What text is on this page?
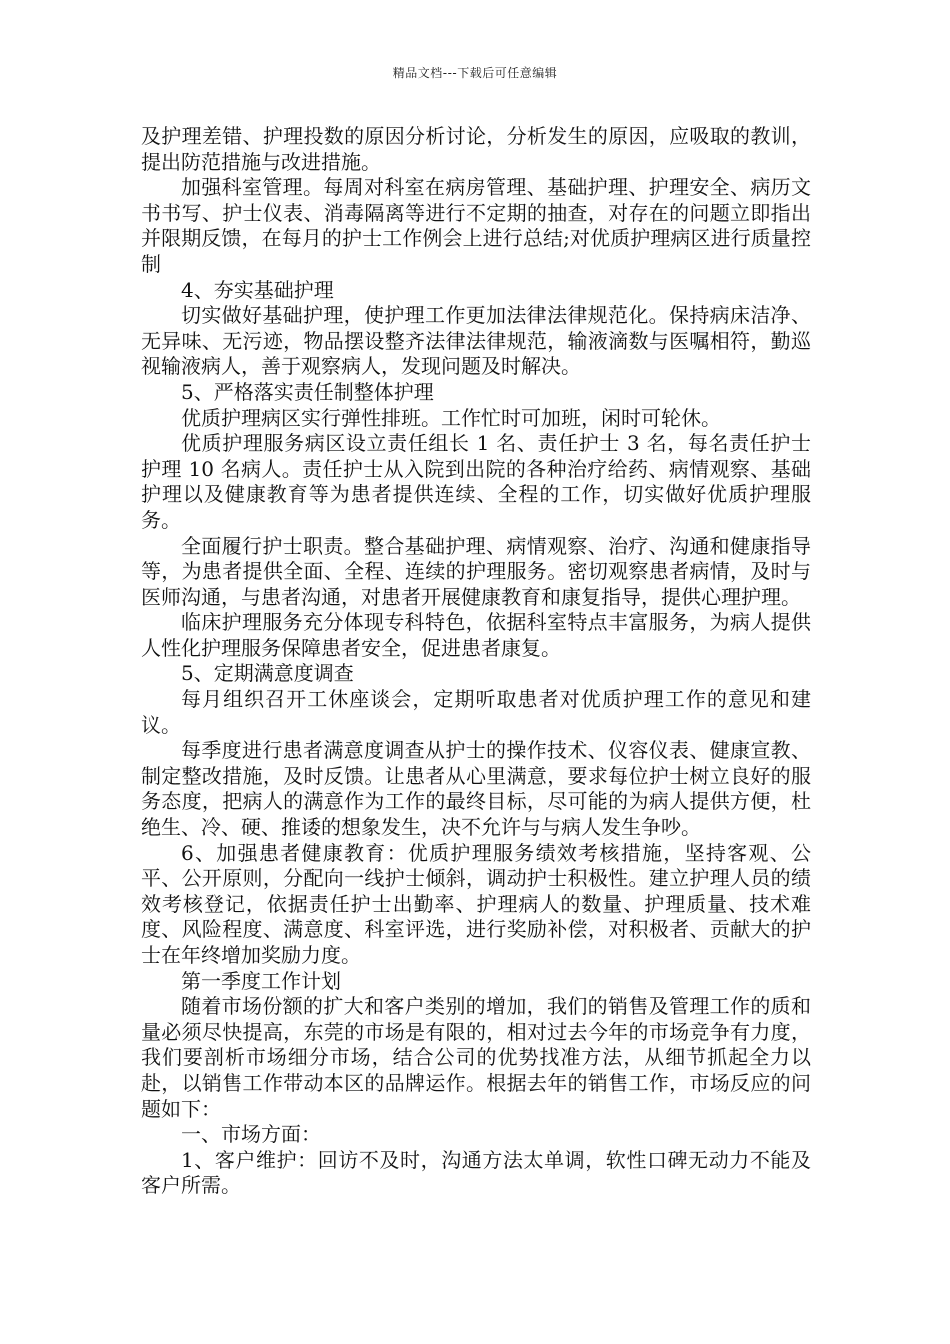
精品文档---下载后可任意编辑

及护理差错、护理投数的原因分析讨论，分析发生的原因，应吸取的教训，提出防范措施与改进措施。

加强科室管理。每周对科室在病房管理、基础护理、护理安全、病历文书书写、护士仪表、消毒隔离等进行不定期的抽查，对存在的问题立即指出并限期反馈，在每月的护士工作例会上进行总结;对优质护理病区进行质量控制

4、夯实基础护理

切实做好基础护理，使护理工作更加法律法律规范化。保持病床洁净、无异味、无污迹，物品摆设整齐法律法律规范，输液滴数与医嘱相符，勤巡视输液病人，善于观察病人，发现问题及时解决。

5、严格落实责任制整体护理

优质护理病区实行弹性排班。工作忙时可加班，闲时可轮休。

优质护理服务病区设立责任组长 1 名、责任护士 3 名，每名责任护士护理 10 名病人。责任护士从入院到出院的各种治疗给药、病情观察、基础护理以及健康教育等为患者提供连续、全程的工作，切实做好优质护理服务。

全面履行护士职责。整合基础护理、病情观察、治疗、沟通和健康指导等，为患者提供全面、全程、连续的护理服务。密切观察患者病情，及时与医师沟通，与患者沟通，对患者开展健康教育和康复指导，提供心理护理。

临床护理服务充分体现专科特色，依据科室特点丰富服务，为病人提供人性化护理服务保障患者安全，促进患者康复。

5、定期满意度调查

每月组织召开工休座谈会，定期听取患者对优质护理工作的意见和建议。

每季度进行患者满意度调查从护士的操作技术、仪容仪表、健康宣教、制定整改措施，及时反馈。让患者从心里满意，要求每位护士树立良好的服务态度，把病人的满意作为工作的最终目标，尽可能的为病人提供方便，杜绝生、冷、硬、推诿的想象发生，决不允许与与病人发生争吵。

6、加强患者健康教育：优质护理服务绩效考核措施，坚持客观、公平、公开原则，分配向一线护士倾斜，调动护士积极性。建立护理人员的绩效考核登记，依据责任护士出勤率、护理病人的数量、护理质量、技术难度、风险程度、满意度、科室评选，进行奖励补偿，对积极者、贡献大的护士在年终增加奖励力度。

第一季度工作计划

随着市场份额的扩大和客户类别的增加，我们的销售及管理工作的质和量必须尽快提高，东莞的市场是有限的，相对过去今年的市场竞争有力度，我们要剖析市场细分市场，结合公司的优势找准方法，从细节抓起全力以赴，以销售工作带动本区的品牌运作。根据去年的销售工作，市场反应的问题如下：

一、市场方面：

1、客户维护：回访不及时，沟通方法太单调，软性口碑无动力不能及客户所需。
